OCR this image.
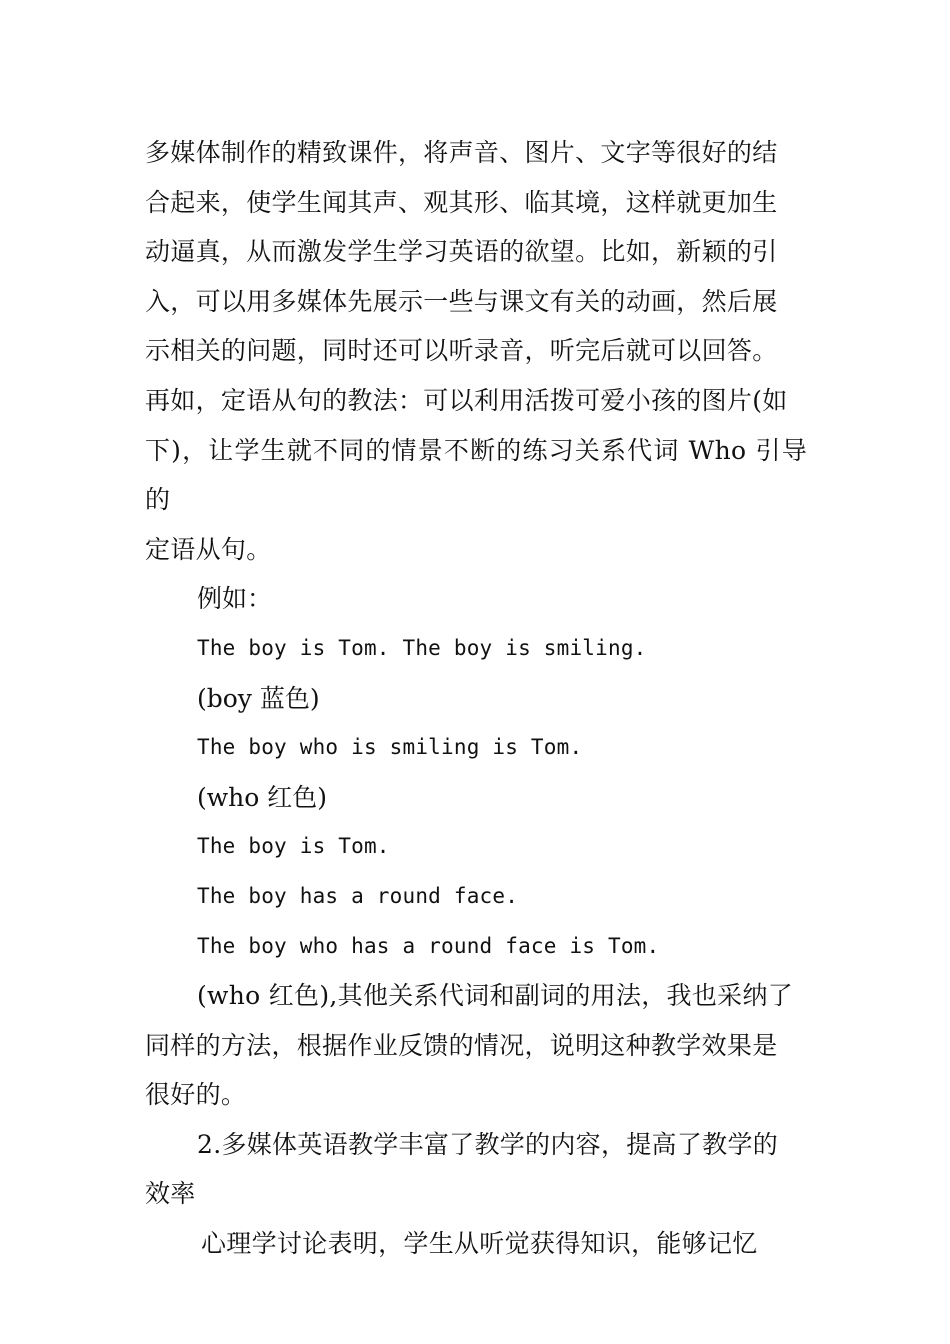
多媒体制作的精致课件，将声音、图片、文字等很好的结
合起来，使学生闻其声、观其形、临其境，这样就更加生
动逼真，从而激发学生学习英语的欲望。比如，新颖的引
入，可以用多媒体先展示一些与课文有关的动画，然后展
示相关的问题，同时还可以听录音，听完后就可以回答。
再如，定语从句的教法：可以利用活拨可爱小孩的图片(如
下)，让学生就不同的情景不断的练习关系代词 Who 引导的
定语从句。

例如：

The boy is Tom. The boy is smiling.

(boy 蓝色)

The boy who is smiling is Tom.

(who 红色)

The boy is Tom.

The boy has a round face.

The boy who has a round face is Tom.

(who 红色),其他关系代词和副词的用法，我也采纳了
同样的方法，根据作业反馈的情况，说明这种教学效果是
很好的。
2.多媒体英语教学丰富了教学的内容，提高了教学的
效率
心理学讨论表明，学生从听觉获得知识，能够记忆
